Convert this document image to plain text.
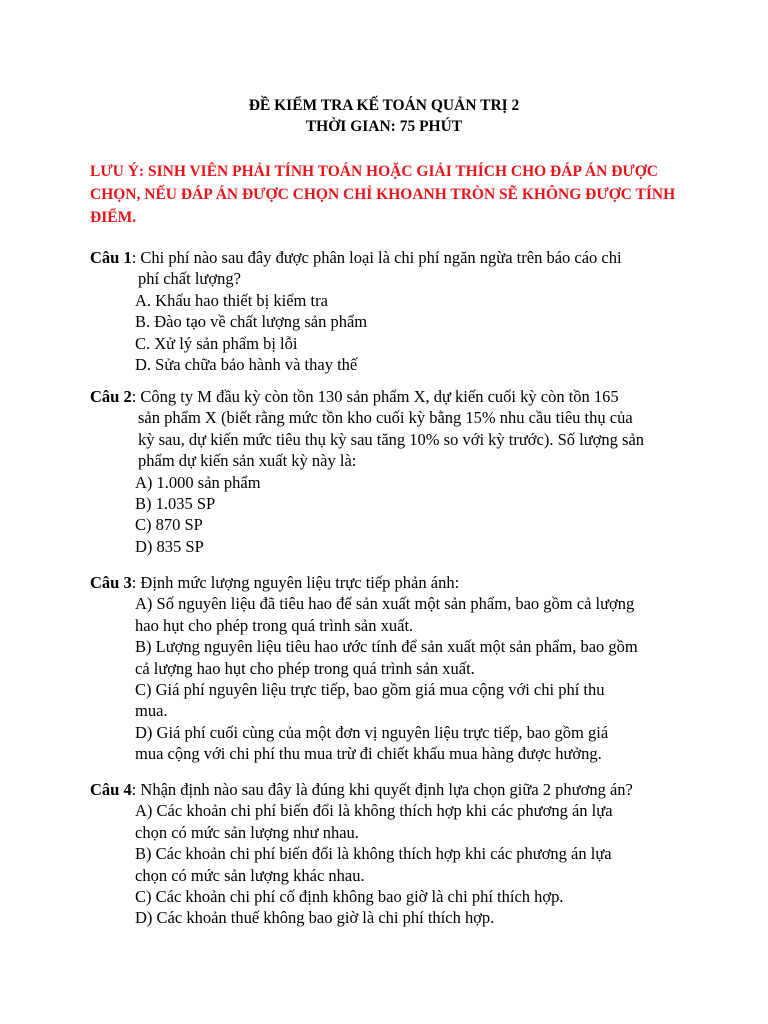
ĐỀ KIỂM TRA KẾ TOÁN QUẢN TRỊ 2
THỜI GIAN: 75 PHÚT
LƯU Ý: SINH VIÊN PHẢI TÍNH TOÁN HOẶC GIẢI THÍCH CHO ĐÁP ÁN ĐƯỢC
CHỌN, NẾU ĐÁP ÁN ĐƯỢC CHỌN CHỈ KHOANH TRÒN SẼ KHÔNG ĐƯỢC TÍNH
ĐIỂM.
Câu 1: Chi phí nào sau đây được phân loại là chi phí ngăn ngừa trên báo cáo chi
phí chất lượng?
A. Khấu hao thiết bị kiểm tra
B. Đào tạo về chất lượng sản phẩm
C. Xử lý sản phẩm bị lỗi
D. Sửa chữa bảo hành và thay thế
Câu 2: Công ty M đầu kỳ còn tồn 130 sản phẩm X, dự kiến cuối kỳ còn tồn 165
sản phẩm X (biết rằng mức tồn kho cuối kỳ bằng 15% nhu cầu tiêu thụ của
kỳ sau, dự kiến mức tiêu thụ kỳ sau tăng 10% so với kỳ trước). Số lượng sản
phẩm dự kiến sản xuất kỳ này là:
A) 1.000 sản phẩm
B) 1.035 SP
C) 870 SP
D) 835 SP
Câu 3: Định mức lượng nguyên liệu trực tiếp phản ánh:
A) Số nguyên liệu đã tiêu hao để sản xuất một sản phẩm, bao gồm cả lượng
hao hụt cho phép trong quá trình sản xuất.
B) Lượng nguyên liệu tiêu hao ước tính để sản xuất một sản phẩm, bao gồm
cả lượng hao hụt cho phép trong quá trình sản xuất.
C) Giá phí nguyên liệu trực tiếp, bao gồm giá mua cộng với chi phí thu
mua.
D) Giá phí cuối cùng của một đơn vị nguyên liệu trực tiếp, bao gồm giá
mua cộng với chi phí thu mua trừ đi chiết khấu mua hàng được hưởng.
Câu 4: Nhận định nào sau đây là đúng khi quyết định lựa chọn giữa 2 phương án?
A) Các khoản chi phí biến đổi là không thích hợp khi các phương án lựa
chọn có mức sản lượng như nhau.
B) Các khoản chi phí biến đổi là không thích hợp khi các phương án lựa
chọn có mức sản lượng khác nhau.
C) Các khoản chi phí cố định không bao giờ là chi phí thích hợp.
D) Các khoản thuế không bao giờ là chi phí thích hợp.
